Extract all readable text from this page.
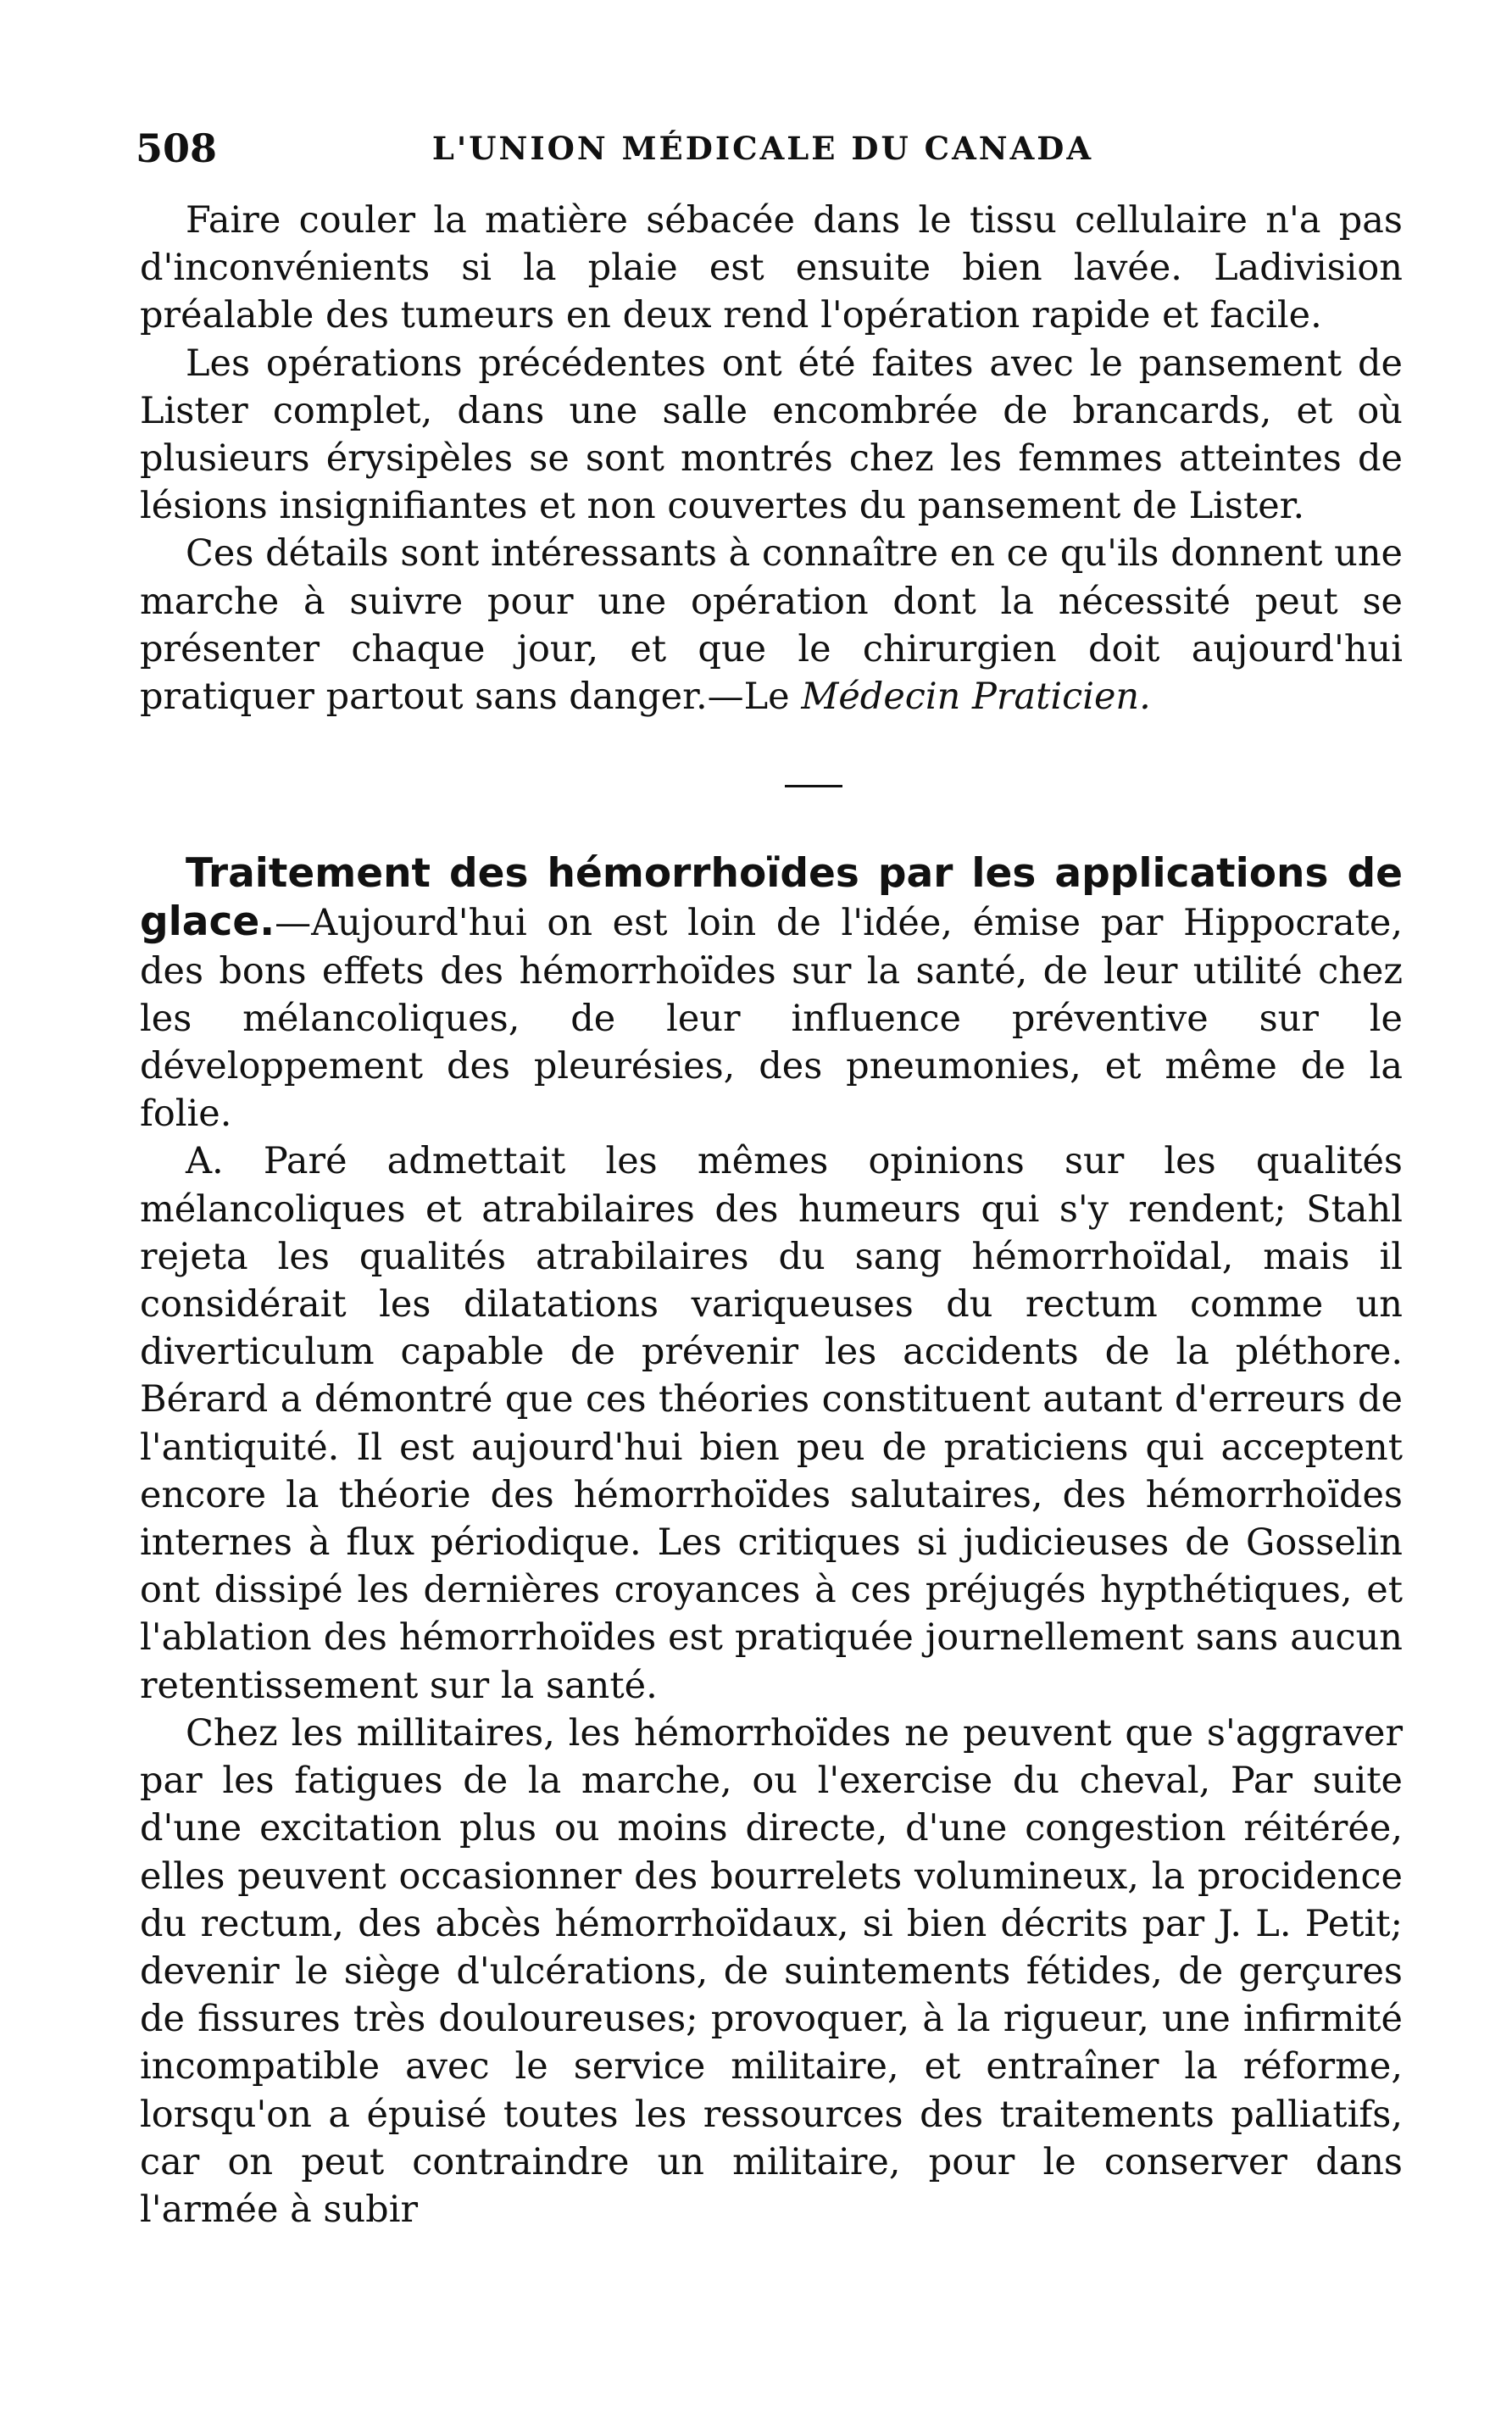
508	L'UNION MÉDICALE DU CANADA

Faire couler la matière sébacée dans le tissu cellulaire n'a pas d'inconvénients si la plaie est ensuite bien lavée. Ladivision préalable des tumeurs en deux rend l'opération rapide et facile.

Les opérations précédentes ont été faites avec le pansement de Lister complet, dans une salle encombrée de brancards, et où plusieurs érysipèles se sont montrés chez les femmes atteintes de lésions insignifiantes et non couvertes du pansement de Lister.

Ces détails sont intéressants à connaître en ce qu'ils donnent une marche à suivre pour une opération dont la nécessité peut se présenter chaque jour, et que le chirurgien doit aujourd'hui pratiquer partout sans danger.—Le Médecin Praticien.

Traitement des hémorrhoïdes par les applications de glace.—Aujourd'hui on est loin de l'idée, émise par Hippocrate, des bons effets des hémorrhoïdes sur la santé, de leur utilité chez les mélancoliques, de leur influence préventive sur le développement des pleurésies, des pneumonies, et même de la folie.

A. Paré admettait les mêmes opinions sur les qualités mélancoliques et atrabilaires des humeurs qui s'y rendent; Stahl rejeta les qualités atrabilaires du sang hémorrhoïdal, mais il considérait les dilatations variqueuses du rectum comme un diverticulum capable de prévenir les accidents de la pléthore. Bérard a démontré que ces théories constituent autant d'erreurs de l'antiquité. Il est aujourd'hui bien peu de praticiens qui acceptent encore la théorie des hémorrhoïdes salutaires, des hémorrhoïdes internes à flux périodique. Les critiques si judicieuses de Gosselin ont dissipé les dernières croyances à ces préjugés hypthétiques, et l'ablation des hémorrhoïdes est pratiquée journellement sans aucun retentissement sur la santé.

Chez les millitaires, les hémorrhoïdes ne peuvent que s'aggraver par les fatigues de la marche, ou l'exercise du cheval, Par suite d'une excitation plus ou moins directe, d'une congestion réitérée, elles peuvent occasionner des bourrelets volumineux, la procidence du rectum, des abcès hémorrhoïdaux, si bien décrits par J. L. Petit; devenir le siège d'ulcérations, de suintements fétides, de gerçures de fissures très douloureuses; provoquer, à la rigueur, une infirmité incompatible avec le service militaire, et entraîner la réforme, lorsqu'on a épuisé toutes les ressources des traitements palliatifs, car on peut contraindre un militaire, pour le conserver dans l'armée à subir
